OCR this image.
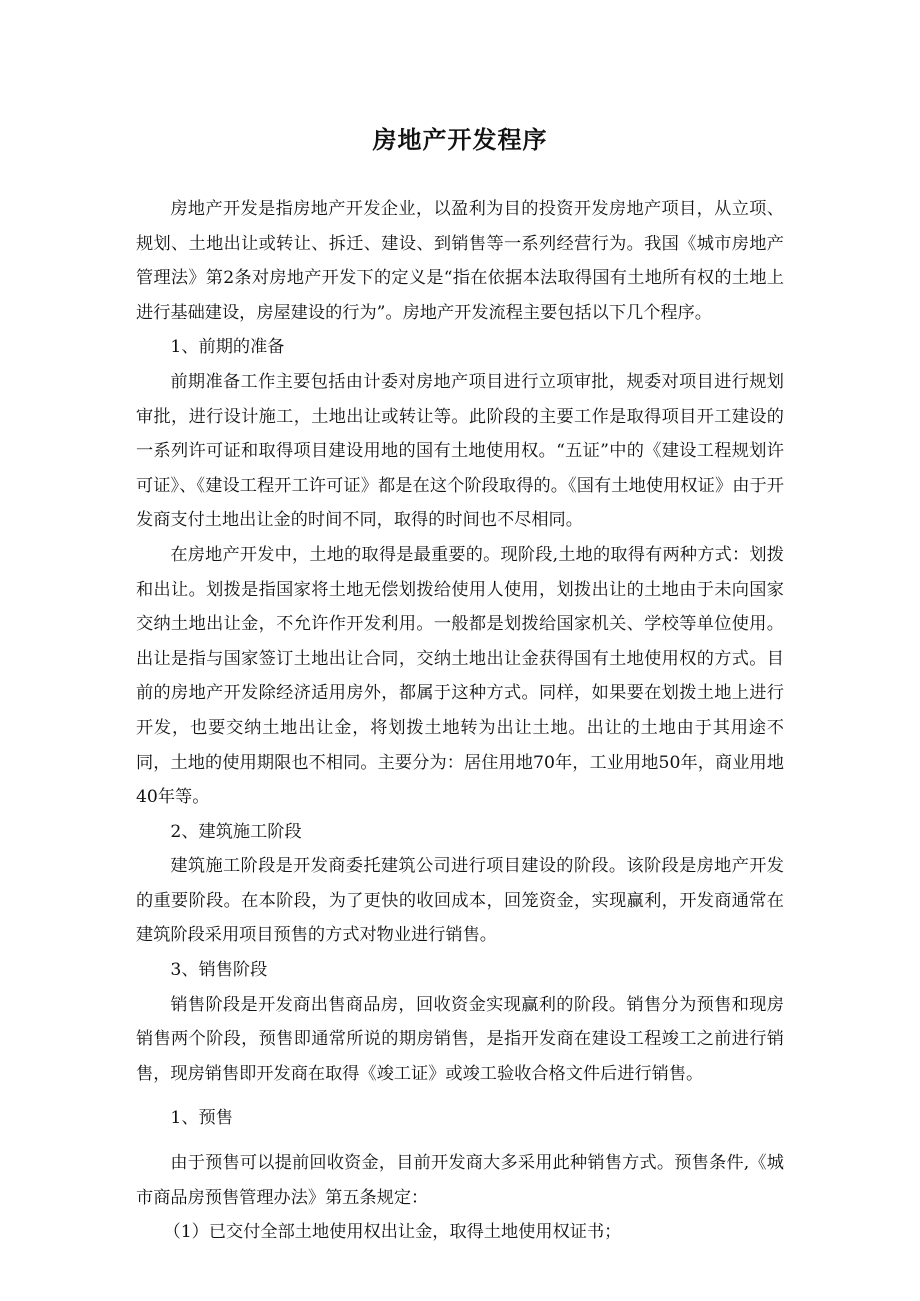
房地产开发程序

房地产开发是指房地产开发企业，以盈利为目的投资开发房地产项目，从立项、规划、土地出让或转让、拆迁、建设、到销售等一系列经营行为。我国《城市房地产管理法》第2条对房地产开发下的定义是“指在依据本法取得国有土地所有权的土地上进行基础建设，房屋建设的行为”。房地产开发流程主要包括以下几个程序。

1、前期的准备

前期准备工作主要包括由计委对房地产项目进行立项审批，规委对项目进行规划审批，进行设计施工，土地出让或转让等。此阶段的主要工作是取得项目开工建设的一系列许可证和取得项目建设用地的国有土地使用权。“五证”中的《建设工程规划许可证》、《建设工程开工许可证》都是在这个阶段取得的。《国有土地使用权证》由于开发商支付土地出让金的时间不同，取得的时间也不尽相同。

在房地产开发中，土地的取得是最重要的。现阶段,土地的取得有两种方式：划拨和出让。划拨是指国家将土地无偿划拨给使用人使用，划拨出让的土地由于未向国家交纳土地出让金，不允许作开发利用。一般都是划拨给国家机关、学校等单位使用。出让是指与国家签订土地出让合同，交纳土地出让金获得国有土地使用权的方式。目前的房地产开发除经济适用房外，都属于这种方式。同样，如果要在划拨土地上进行开发，也要交纳土地出让金，将划拨土地转为出让土地。出让的土地由于其用途不同，土地的使用期限也不相同。主要分为：居住用地70年，工业用地50年，商业用地40年等。

2、建筑施工阶段

建筑施工阶段是开发商委托建筑公司进行项目建设的阶段。该阶段是房地产开发的重要阶段。在本阶段，为了更快的收回成本，回笼资金，实现赢利，开发商通常在建筑阶段采用项目预售的方式对物业进行销售。

3、销售阶段

销售阶段是开发商出售商品房，回收资金实现赢利的阶段。销售分为预售和现房销售两个阶段，预售即通常所说的期房销售，是指开发商在建设工程竣工之前进行销售，现房销售即开发商在取得《竣工证》或竣工验收合格文件后进行销售。

1、预售

由于预售可以提前回收资金，目前开发商大多采用此种销售方式。预售条件,《城市商品房预售管理办法》第五条规定：

（1）已交付全部土地使用权出让金，取得土地使用权证书；
